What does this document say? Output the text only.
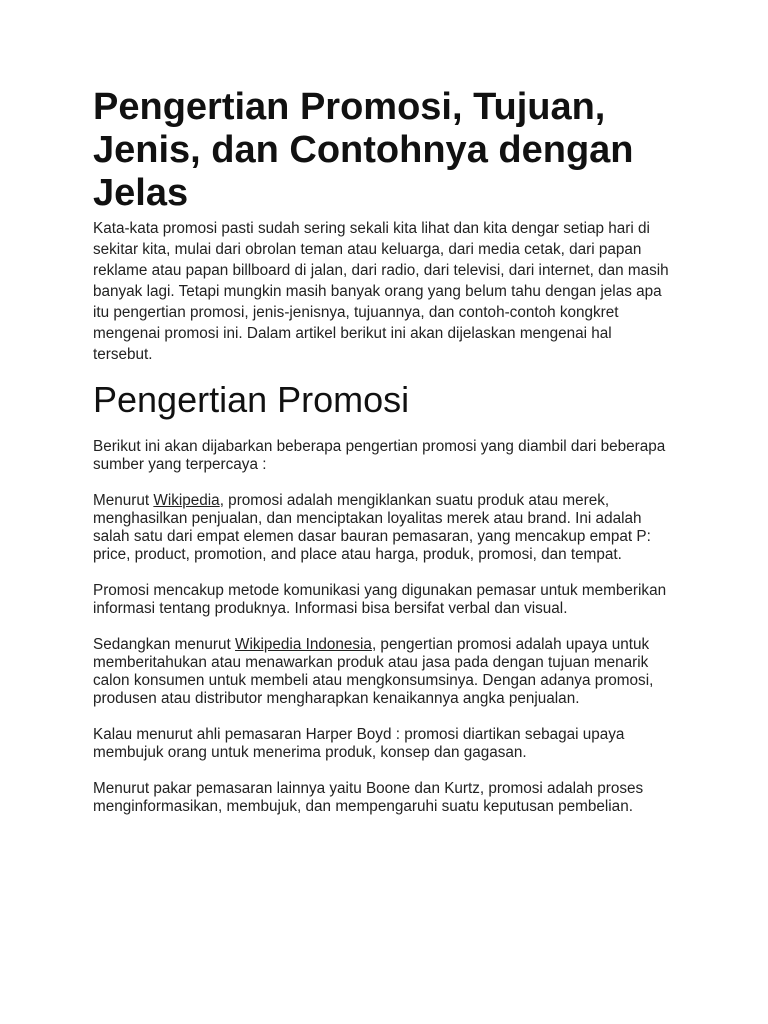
Pengertian Promosi, Tujuan, Jenis, dan Contohnya dengan Jelas

Kata-kata promosi pasti sudah sering sekali kita lihat dan kita dengar setiap hari di sekitar kita, mulai dari obrolan teman atau keluarga, dari media cetak, dari papan reklame atau papan billboard di jalan, dari radio, dari televisi, dari internet, dan masih banyak lagi. Tetapi mungkin masih banyak orang yang belum tahu dengan jelas apa itu pengertian promosi, jenis-jenisnya, tujuannya, dan contoh-contoh kongkret mengenai promosi ini. Dalam artikel berikut ini akan dijelaskan mengenai hal tersebut.

Pengertian Promosi

Berikut ini akan dijabarkan beberapa pengertian promosi yang diambil dari beberapa sumber yang terpercaya :

Menurut Wikipedia, promosi adalah mengiklankan suatu produk atau merek, menghasilkan penjualan, dan menciptakan loyalitas merek atau brand. Ini adalah salah satu dari empat elemen dasar bauran pemasaran, yang mencakup empat P: price, product, promotion, and place atau harga, produk, promosi, dan tempat.

Promosi mencakup metode komunikasi yang digunakan pemasar untuk memberikan informasi tentang produknya. Informasi bisa bersifat verbal dan visual.

Sedangkan menurut Wikipedia Indonesia, pengertian promosi adalah upaya untuk memberitahukan atau menawarkan produk atau jasa pada dengan tujuan menarik calon konsumen untuk membeli atau mengkonsumsinya. Dengan adanya promosi, produsen atau distributor mengharapkan kenaikannya angka penjualan.

Kalau menurut ahli pemasaran Harper Boyd : promosi diartikan sebagai upaya membujuk orang untuk menerima produk, konsep dan gagasan.

Menurut pakar pemasaran lainnya yaitu Boone dan Kurtz, promosi adalah proses menginformasikan, membujuk, dan mempengaruhi suatu keputusan pembelian.
